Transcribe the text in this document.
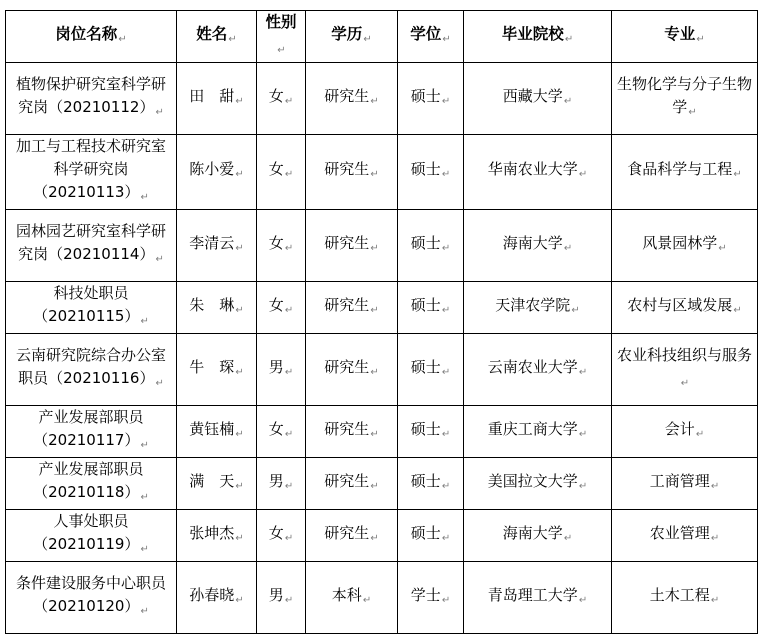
岗位名称↵	姓名↵	性别↵	学历↵	学位↵	毕业院校↵	专业↵
植物保护研究室科学研究岗$(20210112)_↵$	田　甜$_↵$	女$_↵$	研究生$_↵$	硕士$_↵$	西藏大学$_↵$	生物化学与分子生物学$_↵$
加工与工程技术研究室科学研究岗$(20210113)_↵$	陈小爱$_↵$	女$_↵$	研究生$_↵$	硕士$_↵$	华南农业大学$_↵$	食品科学与工程$_↵$
园林园艺研究室科学研究岗$(20210114)_↵$	李清云$_↵$	女$_↵$	研究生$_↵$	硕士$_↵$	海南大学$_↵$	风景园林学$_↵$
科技处职员$(20210115)_↵$	朱　琳$_↵$	女$_↵$	研究生$_↵$	硕士$_↵$	天津农学院$_↵$	农村与区域发展$_↵$
云南研究院综合办公室职员$(20210116)_↵$	牛　琛$_↵$	男$_↵$	研究生$_↵$	硕士$_↵$	云南农业大学$_↵$	农业科技组织与服务$_↵$
产业发展部职员$(20210117)_↵$	黄钰楠$_↵$	女$_↵$	研究生$_↵$	硕士$_↵$	重庆工商大学$_↵$	会计$_↵$
产业发展部职员$(20210118)_↵$	满　天$_↵$	男$_↵$	研究生$_↵$	硕士$_↵$	美国拉文大学$_↵$	工商管理$_↵$
人事处职员$(20210119)_↵$	张坤杰$_↵$	女$_↵$	研究生$_↵$	硕士$_↵$	海南大学$_↵$	农业管理$_↵$
条件建设服务中心职员$(20210120)_↵$	孙春晓$_↵$	男$_↵$	本科$_↵$	学士$_↵$	青岛理工大学$_↵$	土木工程$_↵$
